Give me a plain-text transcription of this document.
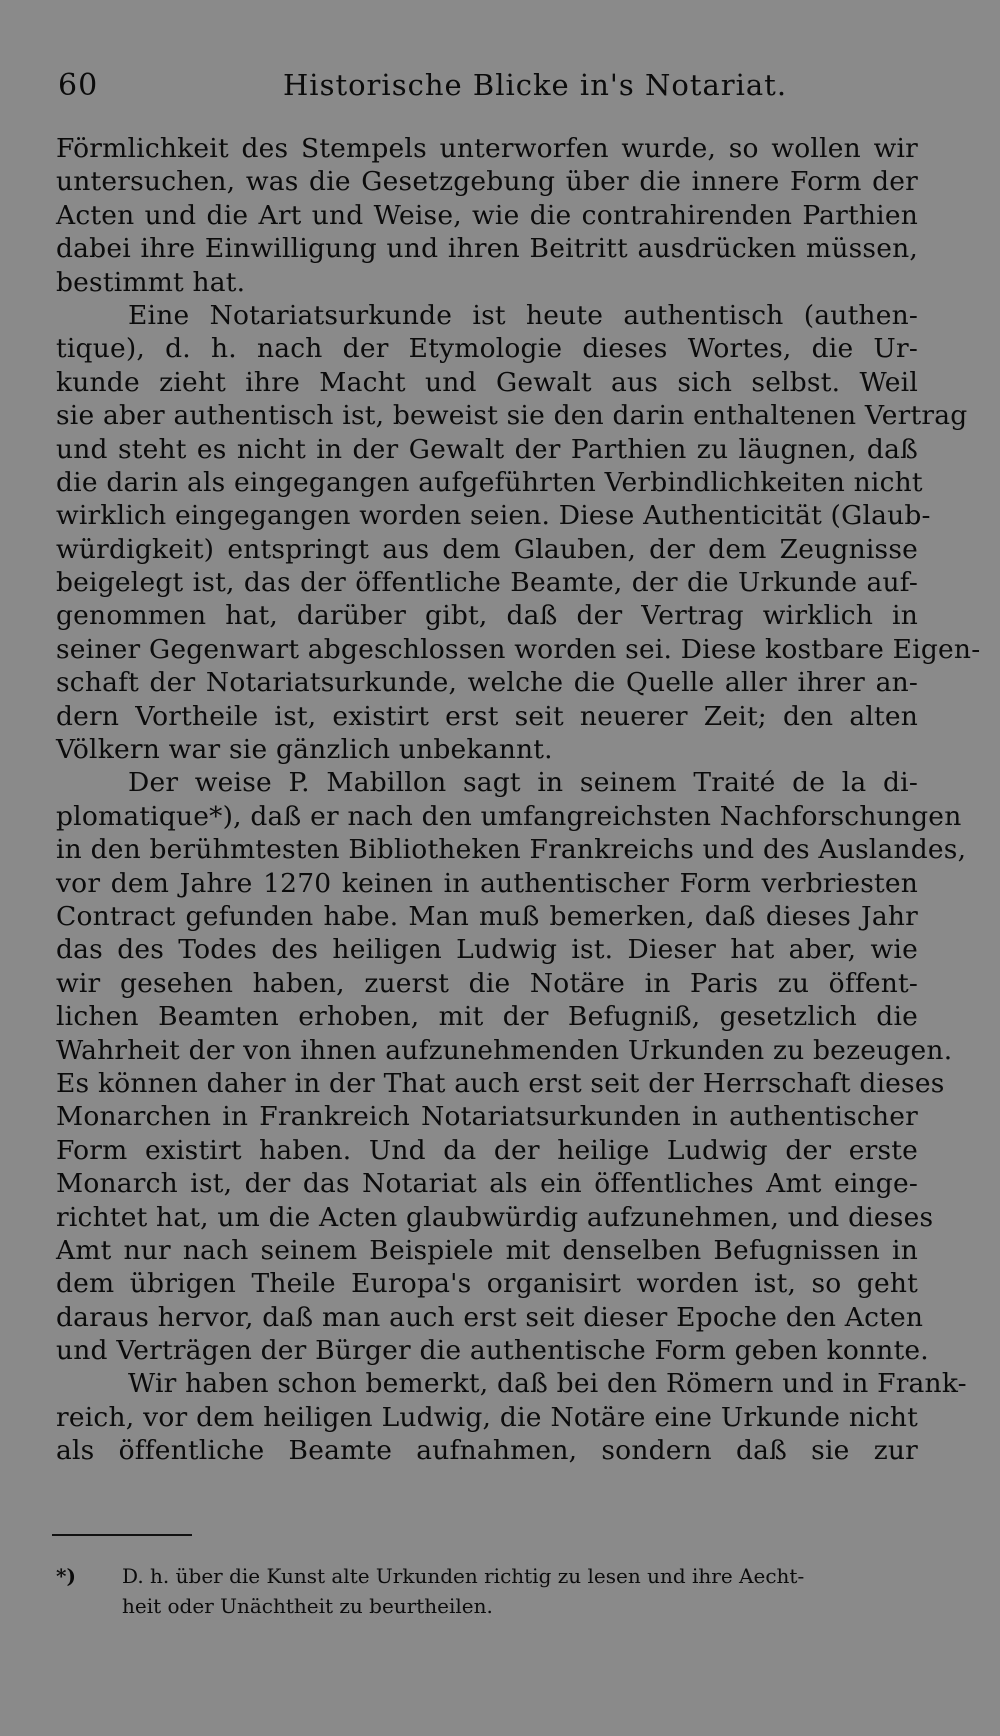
60	Historische Blicke in's Notariat.
Förmlichkeit des Stempels unterworfen wurde, so wollen wir
untersuchen, was die Gesetzgebung über die innere Form der
Acten und die Art und Weise, wie die contrahirenden Parthien
dabei ihre Einwilligung und ihren Beitritt ausdrücken müssen,
bestimmt hat.
Eine Notariatsurkunde ist heute authentisch (authen-
tique), d. h. nach der Etymologie dieses Wortes, die Ur-
kunde zieht ihre Macht und Gewalt aus sich selbst. Weil
sie aber authentisch ist, beweist sie den darin enthaltenen Vertrag
und steht es nicht in der Gewalt der Parthien zu läugnen, daß
die darin als eingegangen aufgeführten Verbindlichkeiten nicht
wirklich eingegangen worden seien. Diese Authenticität (Glaub-
würdigkeit) entspringt aus dem Glauben, der dem Zeugnisse
beigelegt ist, das der öffentliche Beamte, der die Urkunde auf-
genommen hat, darüber gibt, daß der Vertrag wirklich in
seiner Gegenwart abgeschlossen worden sei. Diese kostbare Eigen-
schaft der Notariatsurkunde, welche die Quelle aller ihrer an-
dern Vortheile ist, existirt erst seit neuerer Zeit; den alten
Völkern war sie gänzlich unbekannt.
Der weise P. Mabillon sagt in seinem Traité de la di-
plomatique*), daß er nach den umfangreichsten Nachforschungen
in den berühmtesten Bibliotheken Frankreichs und des Auslandes,
vor dem Jahre 1270 keinen in authentischer Form verbriesten
Contract gefunden habe. Man muß bemerken, daß dieses Jahr
das des Todes des heiligen Ludwig ist. Dieser hat aber, wie
wir gesehen haben, zuerst die Notäre in Paris zu öffent-
lichen Beamten erhoben, mit der Befugniß, gesetzlich die
Wahrheit der von ihnen aufzunehmenden Urkunden zu bezeugen.
Es können daher in der That auch erst seit der Herrschaft dieses
Monarchen in Frankreich Notariatsurkunden in authentischer
Form existirt haben. Und da der heilige Ludwig der erste
Monarch ist, der das Notariat als ein öffentliches Amt einge-
richtet hat, um die Acten glaubwürdig aufzunehmen, und dieses
Amt nur nach seinem Beispiele mit denselben Befugnissen in
dem übrigen Theile Europa's organisirt worden ist, so geht
daraus hervor, daß man auch erst seit dieser Epoche den Acten
und Verträgen der Bürger die authentische Form geben konnte.
Wir haben schon bemerkt, daß bei den Römern und in Frank-
reich, vor dem heiligen Ludwig, die Notäre eine Urkunde nicht
als öffentliche Beamte aufnahmen, sondern daß sie zur
*) D. h. über die Kunst alte Urkunden richtig zu lesen und ihre Aecht-
heit oder Unächtheit zu beurtheilen.
